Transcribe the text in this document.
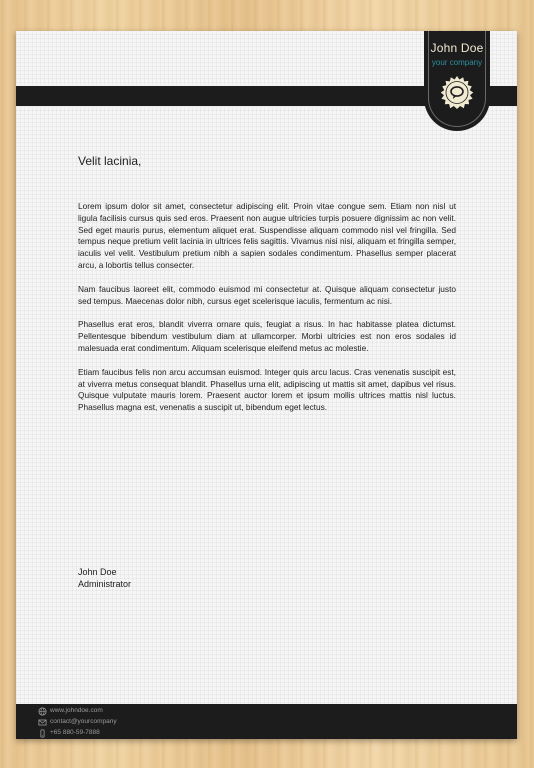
John Doe
your company
Velit lacinia,

Lorem ipsum dolor sit amet, consectetur adipiscing elit. Proin vitae congue sem. Etiam non nisl ut ligula facilisis cursus quis sed eros. Praesent non augue ultricies turpis posuere dignissim ac non velit. Sed eget mauris purus, elementum aliquet erat. Suspendisse aliquam commodo nisl vel fringilla. Sed tempus neque pretium velit lacinia in ultrices felis sagittis. Vivamus nisi nisi, aliquam et fringilla semper, iaculis vel velit. Vestibulum pretium nibh a sapien sodales condimentum. Phasellus semper placerat arcu, a lobortis tellus consecter.

Nam faucibus laoreet elit, commodo euismod mi consectetur at. Quisque aliquam consectetur justo sed tempus. Maecenas dolor nibh, cursus eget scelerisque iaculis, fermentum ac nisi.

Phasellus erat eros, blandit viverra ornare quis, feugiat a risus. In hac habitasse platea dictumst. Pellentesque bibendum vestibulum diam at ullamcorper. Morbi ultricies est non eros sodales id malesuada erat condimentum. Aliquam scelerisque eleifend metus ac molestie.

Etiam faucibus felis non arcu accumsan euismod. Integer quis arcu lacus. Cras venenatis suscipit est, at viverra metus consequat blandit. Phasellus urna elit, adipiscing ut mattis sit amet, dapibus vel risus. Quisque vulputate mauris lorem. Praesent auctor lorem et ipsum mollis ultrices mattis nisl luctus. Phasellus magna est, venenatis a suscipit ut, bibendum eget lectus.

John Doe
Administrator
www.johndoe.com
contact@yourcompany
+65 880-59-7888
